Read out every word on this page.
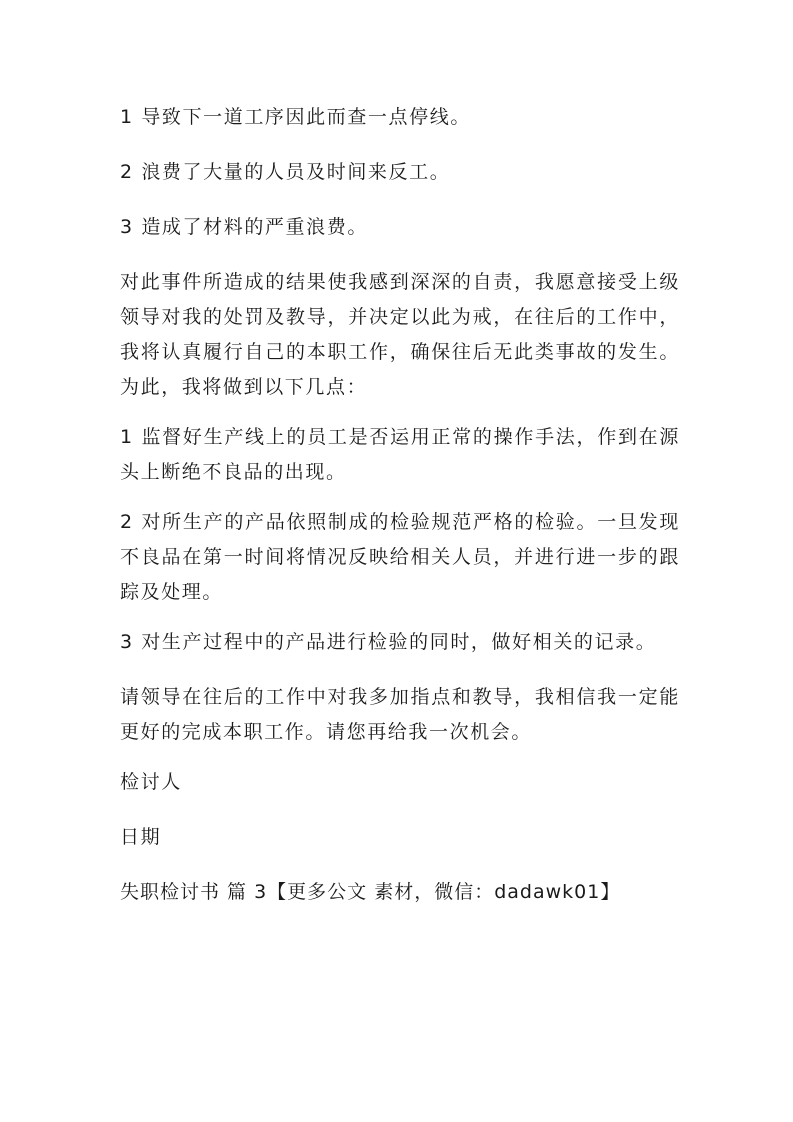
1 导致下一道工序因此而查一点停线。

2 浪费了大量的人员及时间来反工。

3 造成了材料的严重浪费。

对此事件所造成的结果使我感到深深的自责，我愿意接受上级领导对我的处罚及教导，并决定以此为戒，在往后的工作中，我将认真履行自己的本职工作，确保往后无此类事故的发生。为此，我将做到以下几点：

1 监督好生产线上的员工是否运用正常的操作手法，作到在源头上断绝不良品的出现。

2 对所生产的产品依照制成的检验规范严格的检验。一旦发现不良品在第一时间将情况反映给相关人员，并进行进一步的跟踪及处理。

3 对生产过程中的产品进行检验的同时，做好相关的记录。

请领导在往后的工作中对我多加指点和教导，我相信我一定能更好的完成本职工作。请您再给我一次机会。

检讨人

日期

失职检讨书 篇 3【更多公文 素材，微信：dadawk01】
